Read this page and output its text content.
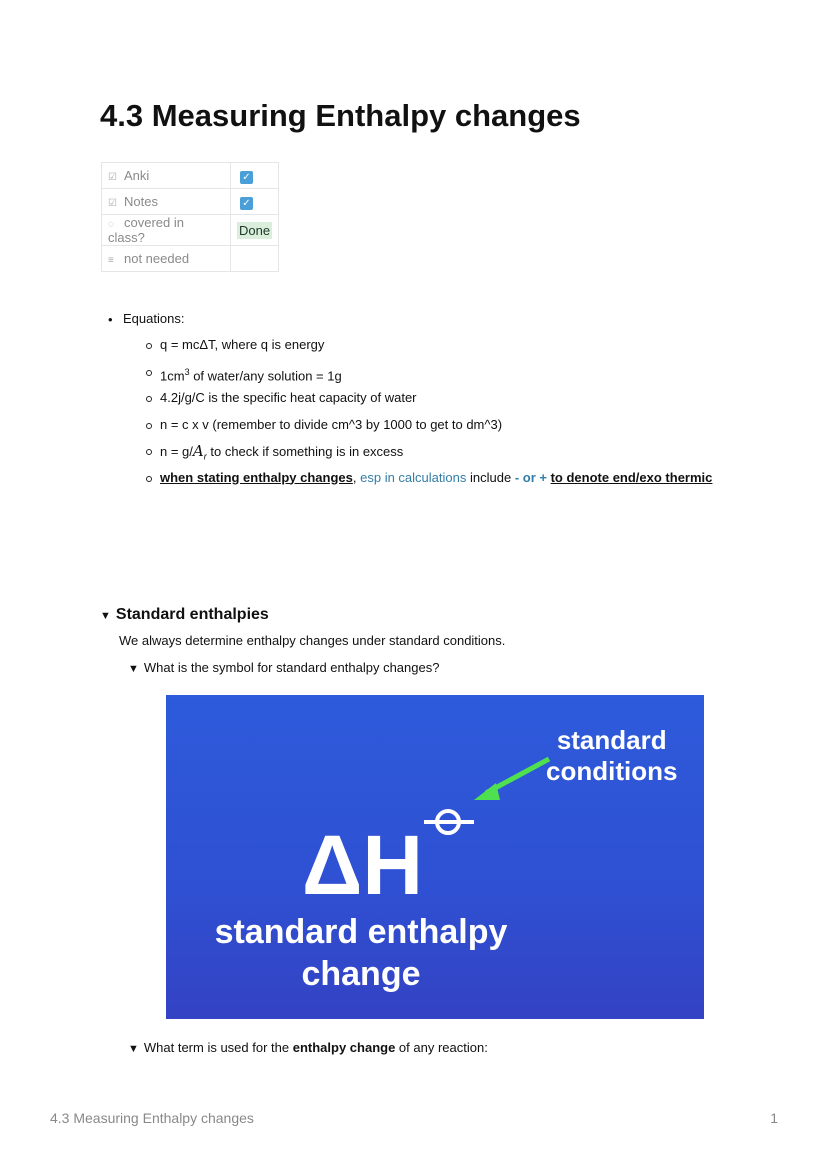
4.3 Measuring Enthalpy changes
☑ Anki	✓
☑ Notes	✓
◌ covered in class?	Done
≡ not needed	
• Equations:
q = mcΔT, where q is energy
$1cm^3$ of water/any solution = 1g
4.2j/g/C is the specific heat capacity of water
n = c x v (remember to divide cm^3 by 1000 to get to dm^3)
$n = g/A_r$ to check if something is in excess
when stating enthalpy changes, esp in calculations include - or + to denote end/exo thermic
▼ Standard enthalpies
We always determine enthalpy changes under standard conditions.
▼ What is the symbol for standard enthalpy changes?
ΔH
standard
conditions
standard enthalpy
change
▼ What term is used for the enthalpy change of any reaction:
4.3 Measuring Enthalpy changes	1
